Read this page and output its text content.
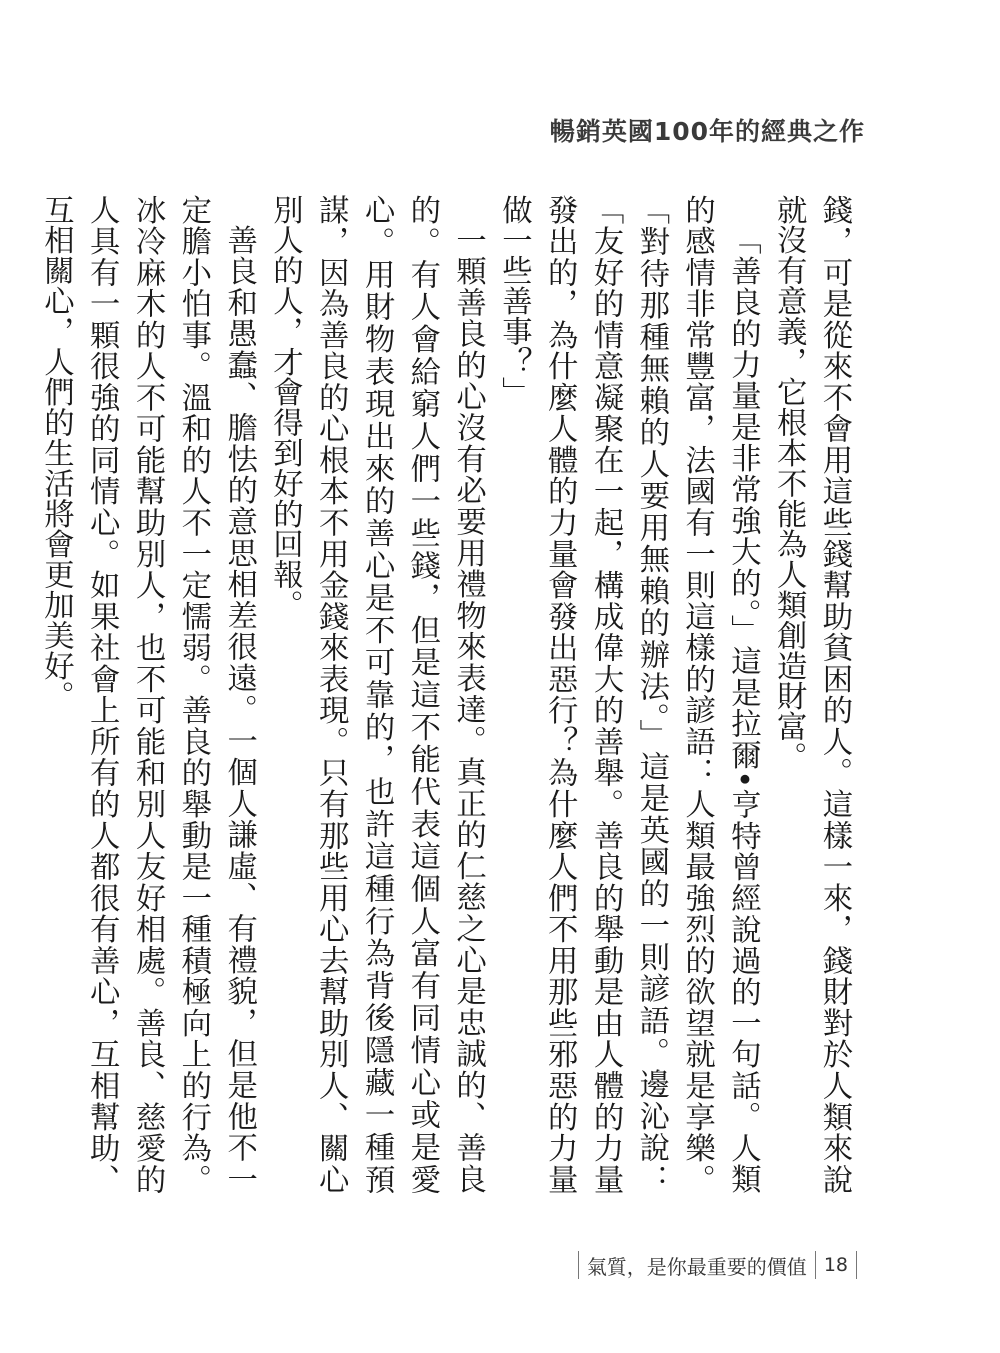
暢銷英國100年的經典之作

錢，可是從來不會用這些錢幫助貧困的人。這樣一來，錢財對於人類來說就沒有意義，它根本不能為人類創造財富。

「善良的力量是非常強大的。」這是拉爾•亨特曾經說過的一句話。人類的感情非常豐富，法國有一則這樣的諺語：人類最強烈的欲望就是享樂。「對待那種無賴的人要用無賴的辦法。」這是英國的一則諺語。邊沁說：「友好的情意凝聚在一起，構成偉大的善舉。善良的舉動是由人體的力量發出的，為什麼人體的力量會發出惡行？為什麼人們不用那些邪惡的力量做一些善事？」

一顆善良的心沒有必要用禮物來表達。真正的仁慈之心是忠誠的、善良的。有人會給窮人們一些錢，但是這不能代表這個人富有同情心或是愛心。用財物表現出來的善心是不可靠的，也許這種行為背後隱藏一種預謀，因為善良的心根本不用金錢來表現。只有那些用心去幫助別人、關心別人的人，才會得到好的回報。

善良和愚蠢、膽怯的意思相差很遠。一個人謙虛、有禮貌，但是他不一定膽小怕事。溫和的人不一定懦弱。善良的舉動是一種積極向上的行為。冰冷麻木的人不可能幫助別人，也不可能和別人友好相處。善良、慈愛的人具有一顆很強的同情心。如果社會上所有的人都很有善心，互相幫助、互相關心，人們的生活將會更加美好。

氣質，是你最重要的價值 18
